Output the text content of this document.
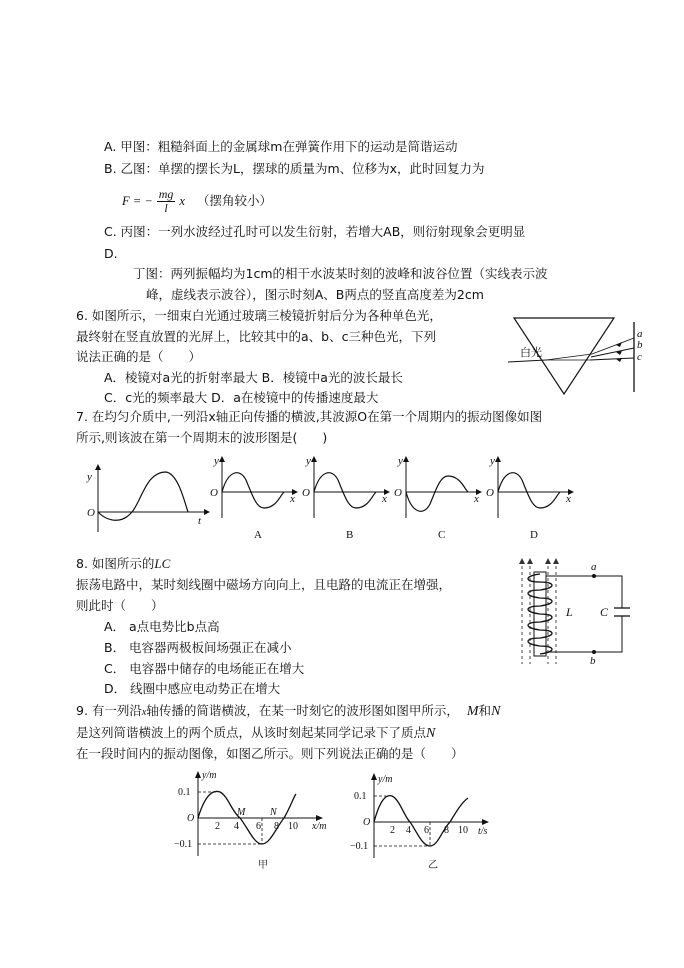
A. 甲图：粗糙斜面上的金属球m在弹簧作用下的运动是简谐运动
B. 乙图：单摆的摆长为L，摆球的质量为m、位移为x，此时回复力为
F = − $\frac{mg}{l}$ x （摆角较小）
C. 丙图：一列水波经过孔时可以发生衍射，若增大AB，则衍射现象会更明显
D.
丁图：两列振幅均为1cm的相干水波某时刻的波峰和波谷位置（实线表示波
峰，虚线表示波谷），图示时刻A、B两点的竖直高度差为2cm
6. 如图所示，一细束白光通过玻璃三棱镜折射后分为各种单色光，
最终射在竖直放置的光屏上，比较其中的a、b、c三种色光，下列
说法正确的是（　　）
A．棱镜对a光的折射率最大 B．棱镜中a光的波长最长
C．c光的频率最大 D．a在棱镜中的传播速度最大
白光
a
b
c
7. 在均匀介质中,一列沿x轴正向传播的横波,其波源O在第一个周期内的振动图像如图
所示,则该波在第一个周期末的波形图是(　　)
y
O
t
y
O	x
A
y
O	x
B
y
O	x
C
y
O	x
D
8. 如图所示的LC
振荡电路中，某时刻线圈中磁场方向向上，且电路的电流正在增强，
则此时（　　）
A． a点电势比b点高
B． 电容器两极板间场强正在减小
C． 电容器中储存的电场能正在增大
D． 线圈中感应电动势正在增大
a
b
L C
9. 有一列沿x轴传播的简谐横波，在某一时刻它的波形图如图甲所示， M和N
是这列简谐横波上的两个质点，从该时刻起某同学记录下了质点N
在一段时间内的振动图像，如图乙所示。则下列说法正确的是（　　）
y/m
0.1
O
−0.1
2 4 6 8 10
M N
x/m
甲
y/m
0.1
O
−0.1
2 4 6 8 10 t/s
乙
